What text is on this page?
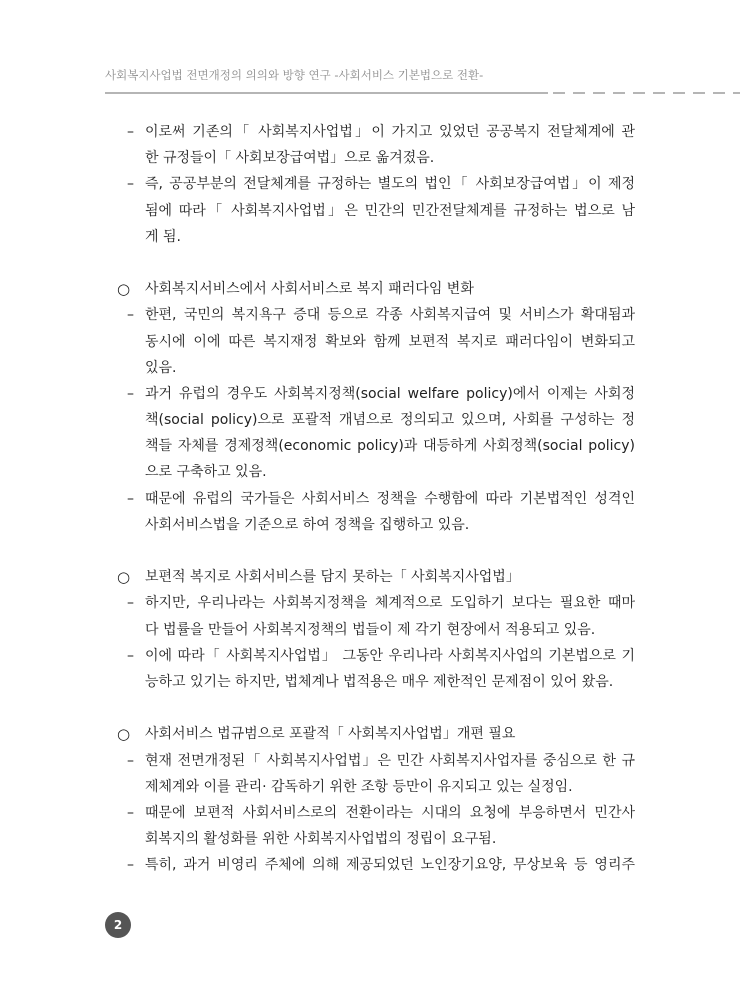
사회복지사업법 전면개정의 의의와 방향 연구 -사회서비스 기본법으로 전환-
– 이로써 기존의「 사회복지사업법」이 가지고 있었던 공공복지 전달체계에 관
한 규정들이「 사회보장급여법」으로 옮겨졌음.
– 즉, 공공부분의 전달체계를 규정하는 별도의 법인「 사회보장급여법」이 제정
됨에 따라「 사회복지사업법」은 민간의 민간전달체계를 규정하는 법으로 남
게 됨.
○ 사회복지서비스에서 사회서비스로 복지 패러다임 변화
– 한편, 국민의 복지욕구 증대 등으로 각종 사회복지급여 및 서비스가 확대됨과
동시에 이에 따른 복지재정 확보와 함께 보편적 복지로 패러다임이 변화되고
있음.
– 과거 유럽의 경우도 사회복지정책(social welfare policy)에서 이제는 사회정
책(social policy)으로 포괄적 개념으로 정의되고 있으며, 사회를 구성하는 정
책들 자체를 경제정책(economic policy)과 대등하게 사회정책(social policy)
으로 구축하고 있음.
– 때문에 유럽의 국가들은 사회서비스 정책을 수행함에 따라 기본법적인 성격인
사회서비스법을 기준으로 하여 정책을 집행하고 있음.
○ 보편적 복지로 사회서비스를 담지 못하는「 사회복지사업법」
– 하지만, 우리나라는 사회복지정책을 체계적으로 도입하기 보다는 필요한 때마
다 법률을 만들어 사회복지정책의 법들이 제 각기 현장에서 적용되고 있음.
– 이에 따라「 사회복지사업법」 그동안 우리나라 사회복지사업의 기본법으로 기
능하고 있기는 하지만, 법체계나 법적용은 매우 제한적인 문제점이 있어 왔음.
○ 사회서비스 법규범으로 포괄적「 사회복지사업법」개편 필요
– 현재 전면개정된「 사회복지사업법」은 민간 사회복지사업자를 중심으로 한 규
제체계와 이를 관리· 감독하기 위한 조항 등만이 유지되고 있는 실정임.
– 때문에 보편적 사회서비스로의 전환이라는 시대의 요청에 부응하면서 민간사
회복지의 활성화를 위한 사회복지사업법의 정립이 요구됨.
– 특히, 과거 비영리 주체에 의해 제공되었던 노인장기요양, 무상보육 등 영리주
2
